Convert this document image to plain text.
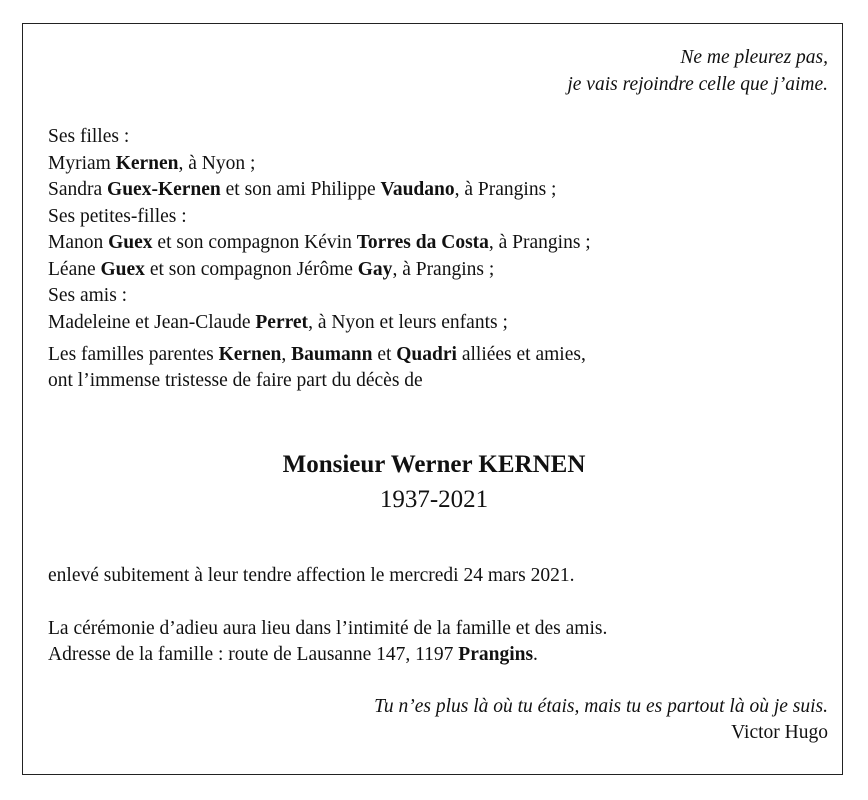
Ne me pleurez pas,
je vais rejoindre celle que j’aime.
Ses filles :
Myriam Kernen, à Nyon ;
Sandra Guex-Kernen et son ami Philippe Vaudano, à Prangins ;
Ses petites-filles :
Manon Guex et son compagnon Kévin Torres da Costa, à Prangins ;
Léane Guex et son compagnon Jérôme Gay, à Prangins ;
Ses amis :
Madeleine et Jean-Claude Perret, à Nyon et leurs enfants ;
Les familles parentes Kernen, Baumann et Quadri alliées et amies,
ont l’immense tristesse de faire part du décès de
Monsieur Werner KERNEN
1937-2021
enlevé subitement à leur tendre affection le mercredi 24 mars 2021.
La cérémonie d’adieu aura lieu dans l’intimité de la famille et des amis.
Adresse de la famille : route de Lausanne 147, 1197 Prangins.
Tu n’es plus là où tu étais, mais tu es partout là où je suis.
Victor Hugo
